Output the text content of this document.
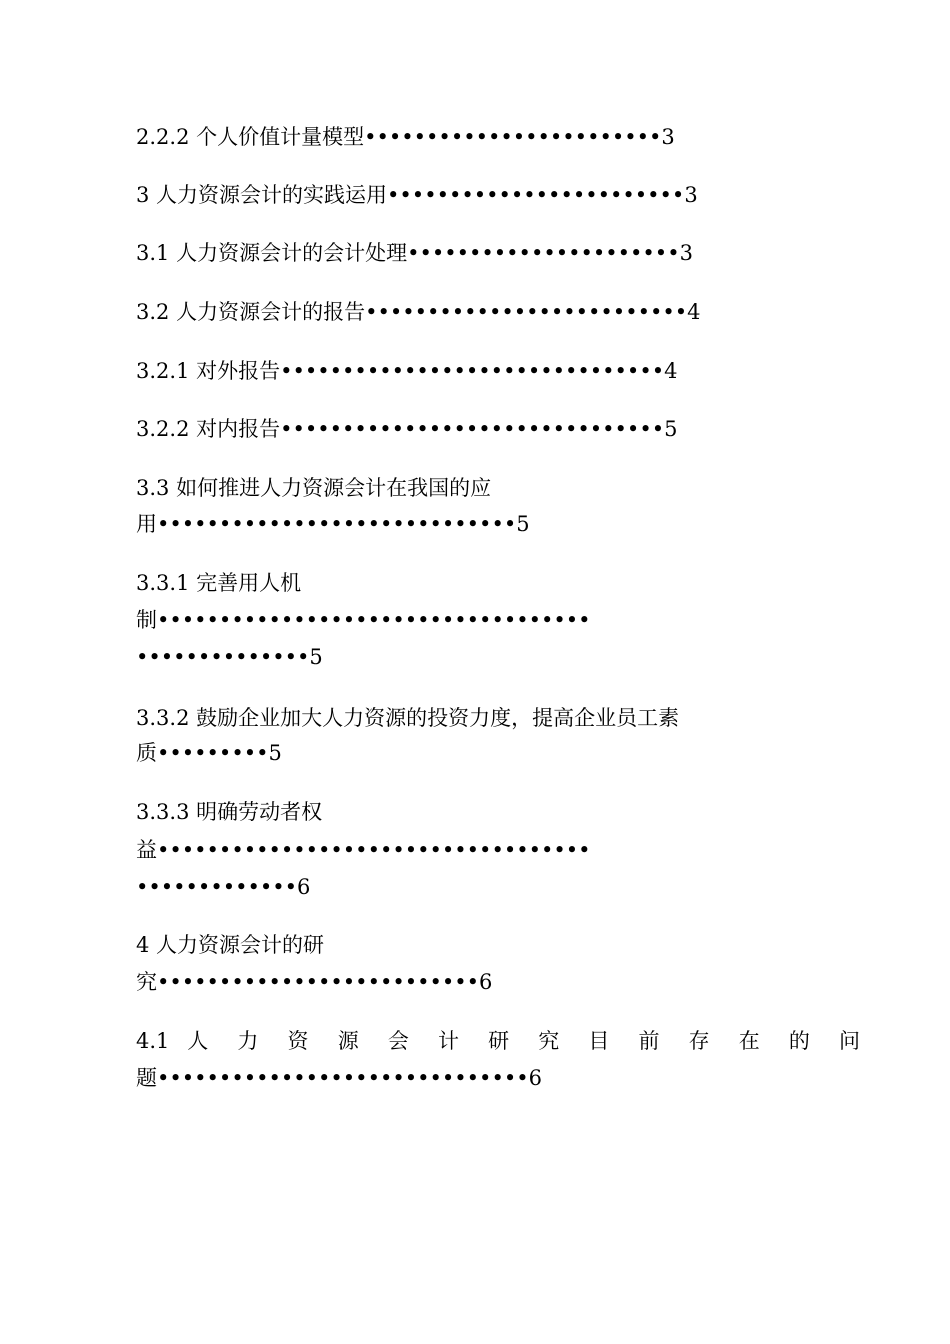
2.2.2 个人价值计量模型••••••••••••••••••••••••3
3 人力资源会计的实践运用••••••••••••••••••••••••3
3.1 人力资源会计的会计处理••••••••••••••••••••••3
3.2 人力资源会计的报告••••••••••••••••••••••••••4
3.2.1 对外报告•••••••••••••••••••••••••••••••4
3.2.2 对内报告•••••••••••••••••••••••••••••••5
3.3 如何推进人力资源会计在我国的应
用•••••••••••••••••••••••••••••5
3.3.1 完善用人机
制•••••••••••••••••••••••••••••••••••
••••••••••••••5
3.3.2 鼓励企业加大人力资源的投资力度，提高企业员工素
质•••••••••5
3.3.3 明确劳动者权
益•••••••••••••••••••••••••••••••••••
•••••••••••••6
4 人力资源会计的研
究••••••••••••••••••••••••••6
4.1 人 力 资 源 会 计 研 究 目 前 存 在 的 问
题••••••••••••••••••••••••••••••6
